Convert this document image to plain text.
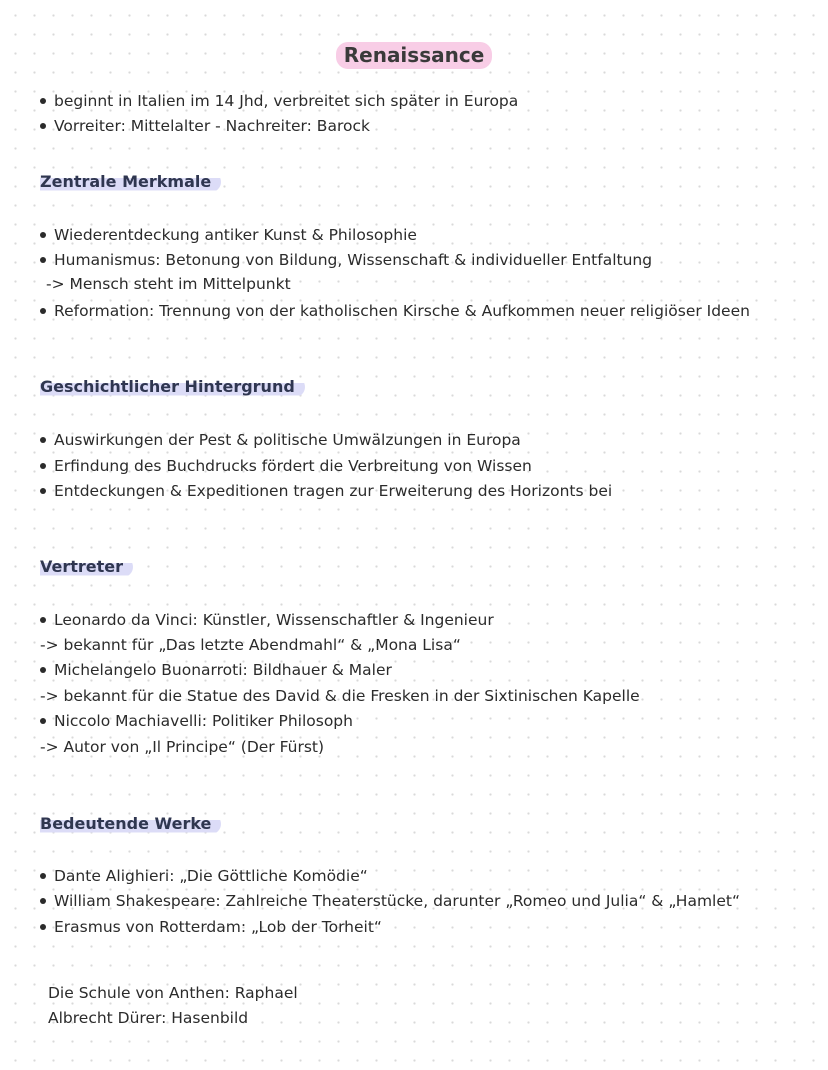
Renaissance

beginnt in Italien im 14 Jhd, verbreitet sich später in Europa

Vorreiter: Mittelalter - Nachreiter: Barock

Zentrale Merkmale

Wiederentdeckung antiker Kunst & Philosophie

Humanismus: Betonung von Bildung, Wissenschaft & individueller Entfaltung

-> Mensch steht im Mittelpunkt

Reformation: Trennung von der katholischen Kirsche & Aufkommen neuer religiöser Ideen

Geschichtlicher Hintergrund

Auswirkungen der Pest & politische Umwälzungen in Europa

Erfindung des Buchdrucks fördert die Verbreitung von Wissen

Entdeckungen & Expeditionen tragen zur Erweiterung des Horizonts bei

Vertreter

Leonardo da Vinci: Künstler, Wissenschaftler & Ingenieur

-> bekannt für „Das letzte Abendmahl“ & „Mona Lisa“

Michelangelo Buonarroti: Bildhauer & Maler

-> bekannt für die Statue des David & die Fresken in der Sixtinischen Kapelle

Niccolo Machiavelli: Politiker Philosoph

-> Autor von „Il Principe“ (Der Fürst)

Bedeutende Werke

Dante Alighieri: „Die Göttliche Komödie“

William Shakespeare: Zahlreiche Theaterstücke, darunter „Romeo und Julia“ & „Hamlet“

Erasmus von Rotterdam: „Lob der Torheit“

Die Schule von Anthen: Raphael

Albrecht Dürer: Hasenbild
